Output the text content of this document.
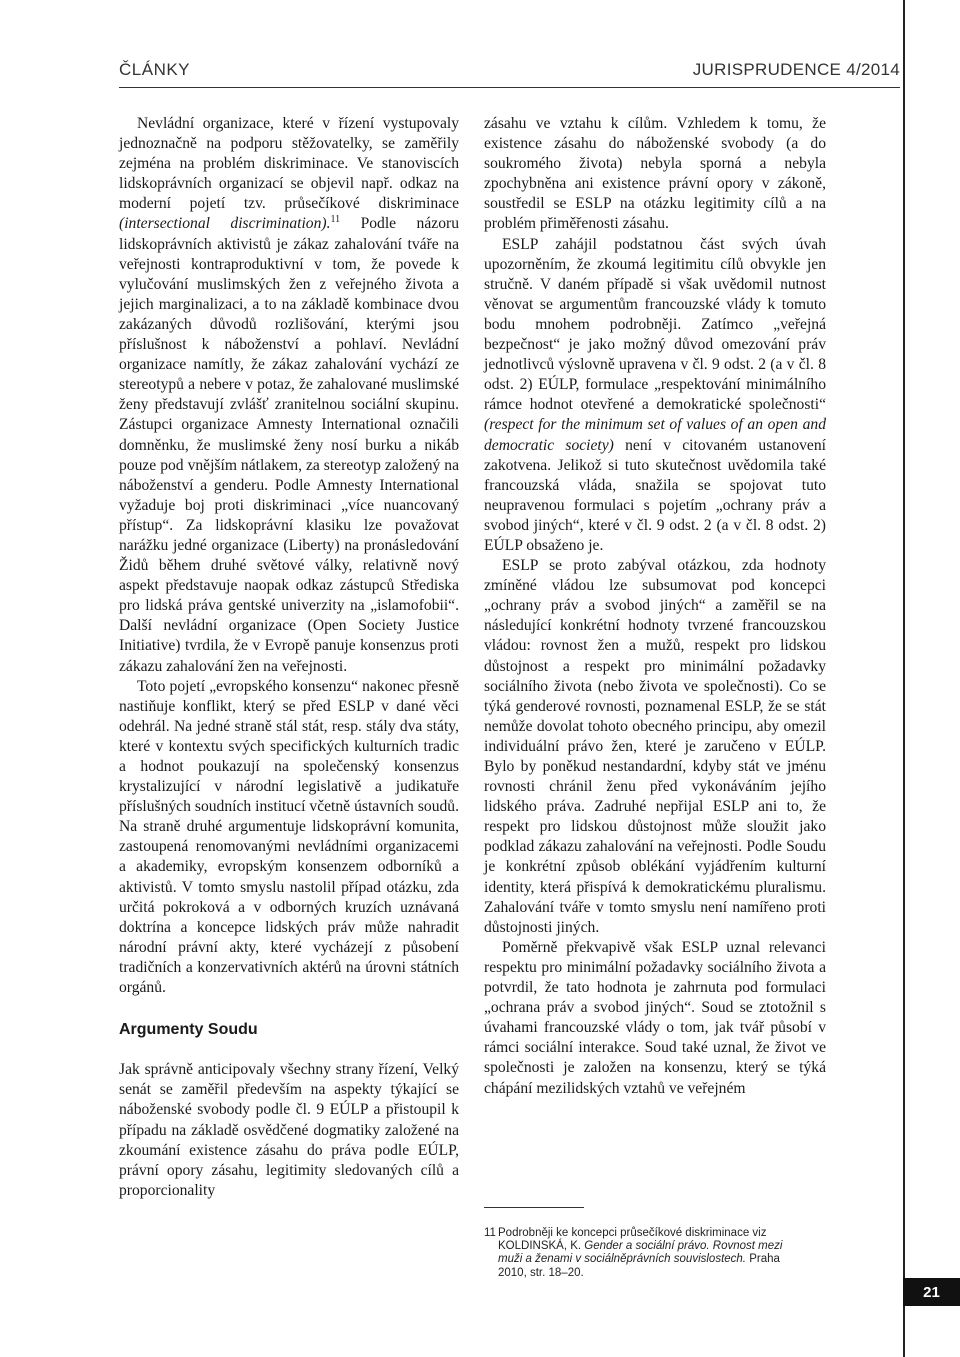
ČLÁNKY	JURISPRUDENCE 4/2014
21

Nevládní organizace, které v řízení vystupovaly jednoznačně na podporu stěžovatelky, se zaměřily zejména na problém diskriminace. Ve stanoviscích lidskoprávních organizací se objevil např. odkaz na moderní pojetí tzv. průsečíkové diskriminace (intersectional discrimination).$^{11}$ Podle názoru lidskoprávních aktivistů je zákaz zahalování tváře na veřejnosti kontraproduktivní v tom, že povede k vylučování muslimských žen z veřejného života a jejich marginalizaci, a to na základě kombinace dvou zakázaných důvodů rozlišování, kterými jsou příslušnost k náboženství a pohlaví. Nevládní organizace namítly, že zákaz zahalování vychází ze stereotypů a nebere v potaz, že zahalované muslimské ženy představují zvlášť zranitelnou sociální skupinu. Zástupci organizace Amnesty International označili domněnku, že muslimské ženy nosí burku a nikáb pouze pod vnějším nátlakem, za stereotyp založený na náboženství a genderu. Podle Amnesty International vyžaduje boj proti diskriminaci „více nuancovaný přístup“. Za lidskoprávní klasiku lze považovat narážku jedné organizace (Liberty) na pronásledování Židů během druhé světové války, relativně nový aspekt představuje naopak odkaz zástupců Střediska pro lidská práva gentské univerzity na „islamofobii“. Další nevládní organizace (Open Society Justice Initiative) tvrdila, že v Evropě panuje konsenzus proti zákazu zahalování žen na veřejnosti.

Toto pojetí „evropského konsenzu“ nakonec přesně nastiňuje konflikt, který se před ESLP v dané věci odehrál. Na jedné straně stál stát, resp. stály dva státy, které v kontextu svých specifických kulturních tradic a hodnot poukazují na společenský konsenzus krystalizující v národní legislativě a judikatuře příslušných soudních institucí včetně ústavních soudů. Na straně druhé argumentuje lidskoprávní komunita, zastoupená renomovanými nevládními organizacemi a akademiky, evropským konsenzem odborníků a aktivistů. V tomto smyslu nastolil případ otázku, zda určitá pokroková a v odborných kruzích uznávaná doktrína a koncepce lidských práv může nahradit národní právní akty, které vycházejí z působení tradičních a konzervativních aktérů na úrovni státních orgánů.

Argumenty Soudu

Jak správně anticipovaly všechny strany řízení, Velký senát se zaměřil především na aspekty týkající se náboženské svobody podle čl. 9 EÚLP a přistoupil k případu na základě osvědčené dogmatiky založené na zkoumání existence zásahu do práva podle EÚLP, právní opory zásahu, legitimity sledovaných cílů a proporcionality

zásahu ve vztahu k cílům. Vzhledem k tomu, že existence zásahu do náboženské svobody (a do soukromého života) nebyla sporná a nebyla zpochybněna ani existence právní opory v zákoně, soustředil se ESLP na otázku legitimity cílů a na problém přiměřenosti zásahu.

ESLP zahájil podstatnou část svých úvah upozorněním, že zkoumá legitimitu cílů obvykle jen stručně. V daném případě si však uvědomil nutnost věnovat se argumentům francouzské vlády k tomuto bodu mnohem podrobněji. Zatímco „veřejná bezpečnost“ je jako možný důvod omezování práv jednotlivců výslovně upravena v čl. 9 odst. 2 (a v čl. 8 odst. 2) EÚLP, formulace „respektování minimálního rámce hodnot otevřené a demokratické společnosti“ (respect for the minimum set of values of an open and democratic society) není v citovaném ustanovení zakotvena. Jelikož si tuto skutečnost uvědomila také francouzská vláda, snažila se spojovat tuto neupravenou formulaci s pojetím „ochrany práv a svobod jiných“, které v čl. 9 odst. 2 (a v čl. 8 odst. 2) EÚLP obsaženo je.

ESLP se proto zabýval otázkou, zda hodnoty zmíněné vládou lze subsumovat pod koncepci „ochrany práv a svobod jiných“ a zaměřil se na následující konkrétní hodnoty tvrzené francouzskou vládou: rovnost žen a mužů, respekt pro lidskou důstojnost a respekt pro minimální požadavky sociálního života (nebo života ve společnosti). Co se týká genderové rovnosti, poznamenal ESLP, že se stát nemůže dovolat tohoto obecného principu, aby omezil individuální právo žen, které je zaručeno v EÚLP. Bylo by poněkud nestandardní, kdyby stát ve jménu rovnosti chránil ženu před vykonáváním jejího lidského práva. Zadruhé nepřijal ESLP ani to, že respekt pro lidskou důstojnost může sloužit jako podklad zákazu zahalování na veřejnosti. Podle Soudu je konkrétní způsob oblékání vyjádřením kulturní identity, která přispívá k demokratickému pluralismu. Zahalování tváře v tomto smyslu není namířeno proti důstojnosti jiných.

Poměrně překvapivě však ESLP uznal relevanci respektu pro minimální požadavky sociálního života a potvrdil, že tato hodnota je zahrnuta pod formulaci „ochrana práv a svobod jiných“. Soud se ztotožnil s úvahami francouzské vlády o tom, jak tvář působí v rámci sociální interakce. Soud také uznal, že život ve společnosti je založen na konsenzu, který se týká chápání mezilidských vztahů ve veřejném

11 Podrobněji ke koncepci průsečíkové diskriminace viz KOLDINSKÁ, K. Gender a sociální právo. Rovnost mezi muži a ženami v sociálněprávních souvislostech. Praha 2010, str. 18–20.
